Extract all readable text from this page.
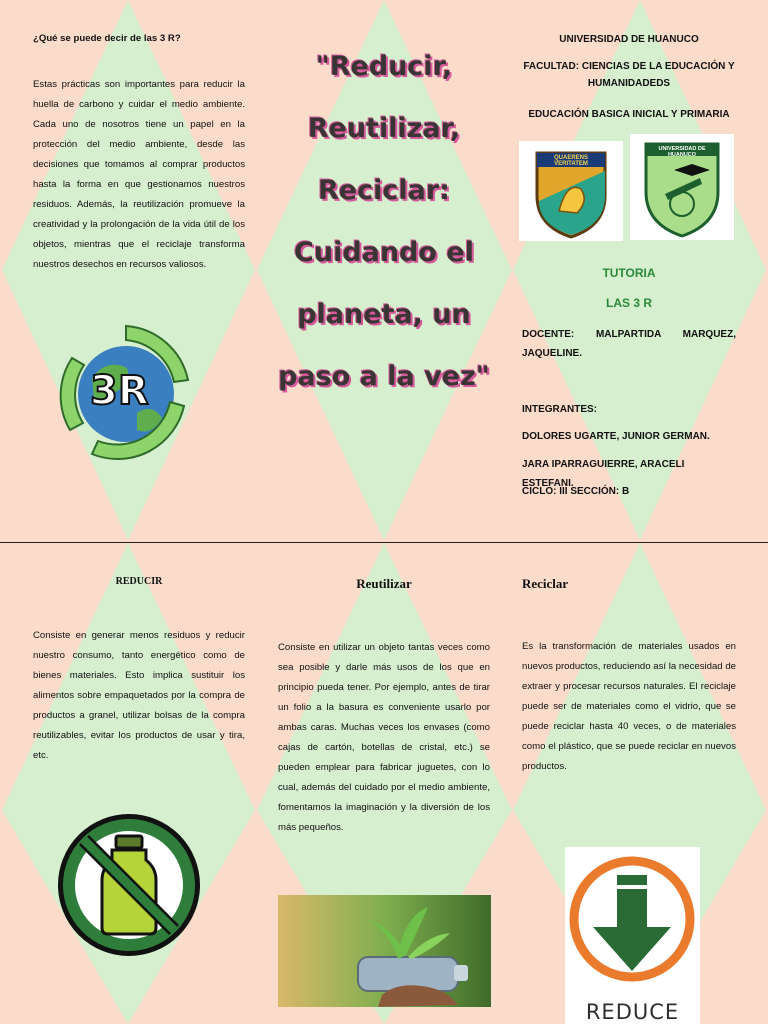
¿Qué se puede decir de las 3 R?
Estas prácticas son importantes para reducir la huella de carbono y cuidar el medio ambiente. Cada uno de nosotros tiene un papel en la protección del medio ambiente, desde las decisiones que tomamos al comprar productos hasta la forma en que gestionamos nuestros residuos. Además, la reutilización promueve la creatividad y la prolongación de la vida útil de los objetos, mientras que el reciclaje transforma nuestros desechos en recursos valiosos.
3R
"Reducir, Reutilizar, Reciclar: Cuidando el planeta, un paso a la vez"
UNIVERSIDAD DE HUANUCO
FACULTAD: CIENCIAS DE LA EDUCACIÓN Y HUMANIDADEDS
EDUCACIÓN BASICA INICIAL Y PRIMARIA
QUAERENS VERITATEM
UNIVERSIDAD DE HUANUCO
TUTORIA
LAS 3 R
DOCENTE: MALPARTIDA MARQUEZ, JAQUELINE.
INTEGRANTES:
DOLORES UGARTE, JUNIOR GERMAN.
JARA IPARRAGUIERRE, ARACELI ESTEFANI.
CICLO: III SECCIÓN: B
REDUCIR
Consiste en generar menos residuos y reducir nuestro consumo, tanto energético como de bienes materiales. Esto implica sustituir los alimentos sobre empaquetados por la compra de productos a granel, utilizar bolsas de la compra reutilizables, evitar los productos de usar y tira, etc.
Reutilizar
Consiste en utilizar un objeto tantas veces como sea posible y darle más usos de los que en principio pueda tener. Por ejemplo, antes de tirar un folio a la basura es conveniente usarlo por ambas caras. Muchas veces los envases (como cajas de cartón, botellas de cristal, etc.) se pueden emplear para fabricar juguetes, con lo cual, además del cuidado por el medio ambiente, fomentamos la imaginación y la diversión de los más pequeños.
Reciclar
Es la transformación de materiales usados en nuevos productos, reduciendo así la necesidad de extraer y procesar recursos naturales. El reciclaje puede ser de materiales como el vidrio, que se puede reciclar hasta 40 veces, o de materiales como el plástico, que se puede reciclar en nuevos productos.
REDUCE
